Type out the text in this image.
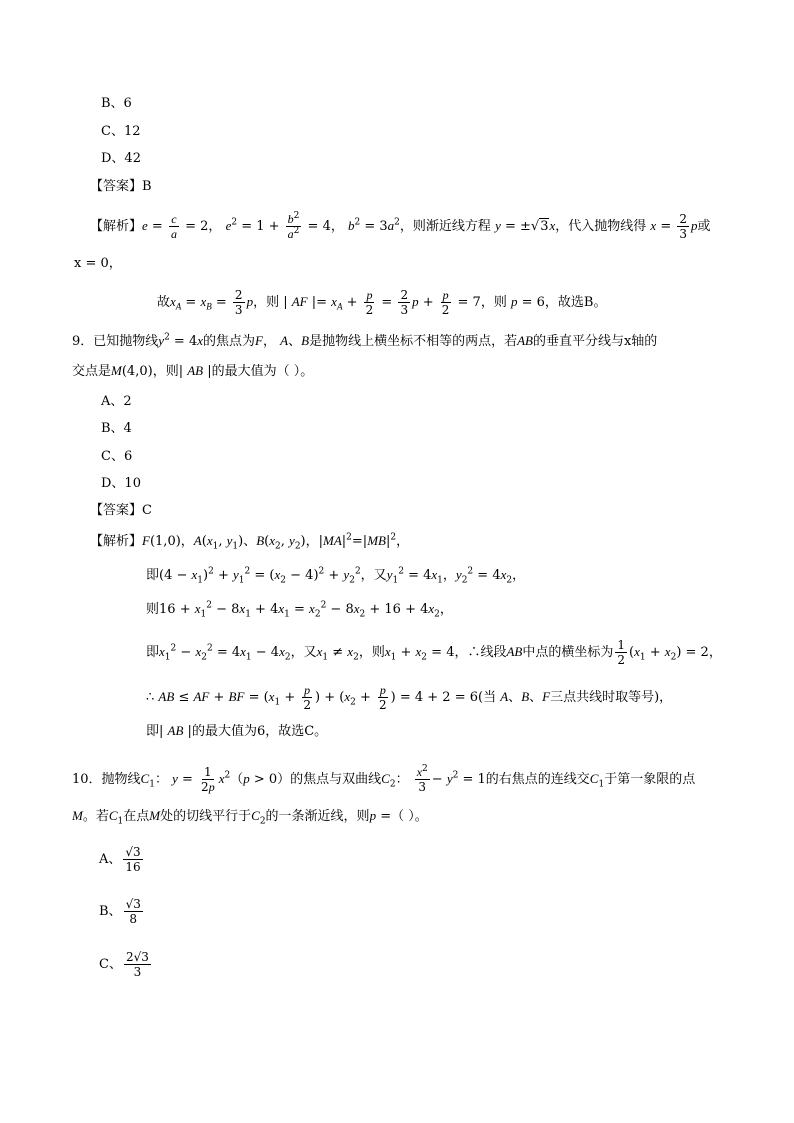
B、6
C、12
D、42
【答案】B
【解析】$e = \frac{c}{a} = 2$， $e^2 = 1 + \frac{b^2}{a^2} = 4$， $b^2 = 3a^2$，则渐近线方程 y = ±√3x，代入抛物线得 $x = \frac{2}{3}$ p或
x = 0，
故$x_A = x_B = \frac{2}{3}$ p，则 | AF |= $x_A + \frac{p}{2} = \frac{2}{3}$ $p + \frac{p}{2} = 7$，则 p = 6，故选B。
9．已知抛物线$y^2 = 4x$的焦点为F， A、B是抛物线上横坐标不相等的两点，若AB的垂直平分线与x轴的
交点是M(4,0)，则| AB |的最大值为（ ）。
A、2
B、4
C、6
D、10
【答案】C
【解析】F(1,0)，$A(x_1$, $y_1$)、$B(x_2$, $y_2$)，$|MA|^2=|MB|^2$，
即$(4 - x_1)^2 + y_1^2 = (x_2 - 4)^2 + y_2^2$，又$y_1^2 = 4x_1$，$y_2^2 = 4x_2$，
则$16 + x_1^2 - 8x_1 + 4x_1 = x_2^2 - 8x_2 + 16 + 4x_2$，
即$x_1^2 - x_2^2 = 4x_1 - 4x_2$，又$x_1 \ne x_2$，则$x_1 + x_2 = 4$，∴线段AB中点的横坐标为 $\frac{1}{2} (x_1 + x_2) = 2$，
∴ AB ≤ AF + BF = ($x_1 + \frac{p}{2}$ ) + ($x_2 + \frac{p}{2}$ ) = 4 + 2 = 6(当 A、B、F三点共线时取等号)，
即| AB |的最大值为6，故选C。
10．抛物线$C_1$： $y = \frac{1}{2p} x^2(p > 0)$的焦点与双曲线$C_2$： $\frac{x^2}{3} - y^2 = 1$的右焦点的连线交$C_1$于第一象限的点
M。若$C_1$在点M处的切线平行于$C_2$的一条渐近线，则p =（ ）。
A、 $\frac{√3}{16}$
B、 $\frac{√3}{8}$
C、 $\frac{2√3}{3}$
